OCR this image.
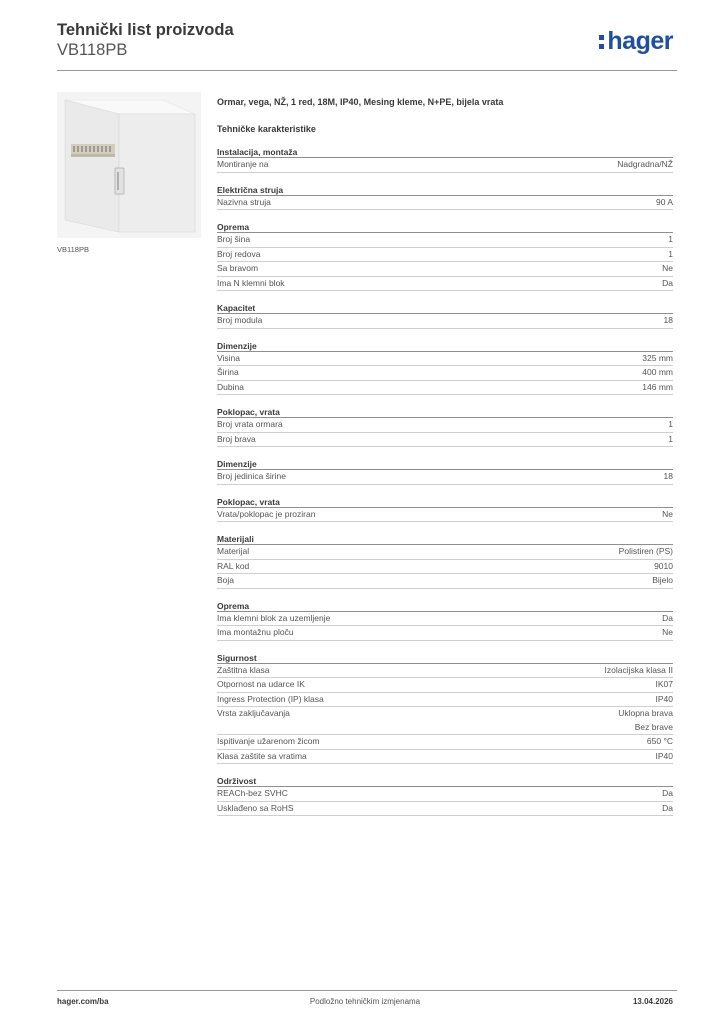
Tehnički list proizvoda
VB118PB	hager
VB118PB
Ormar, vega, NŽ, 1 red, 18M, IP40, Mesing kleme, N+PE, bijela vrata
Tehničke karakteristike
Instalacija, montaža
Montiranje na	Nadgradna/NŽ
Električna struja
Nazivna struja	90 A
Oprema
Broj šina	1
Broj redova	1
Sa bravom	Ne
Ima N klemni blok	Da
Kapacitet
Broj modula	18
Dimenzije
Visina	325 mm
Širina	400 mm
Dubina	146 mm
Poklopac, vrata
Broj vrata ormara	1
Broj brava	1
Dimenzije
Broj jedinica širine	18
Poklopac, vrata
Vrata/poklopac je proziran	Ne
Materijali
Materijal	Polistiren (PS)
RAL kod	9010
Boja	Bijelo
Oprema
Ima klemni blok za uzemljenje	Da
Ima montažnu ploču	Ne
Sigurnost
Zaštitna klasa	Izolacijska klasa II
Otpornost na udarce IK	IK07
Ingress Protection (IP) klasa	IP40
Vrsta zaključavanja	Uklopna brava
Bez brave
Ispitivanje užarenom žicom	650 °C
Klasa zaštite sa vratima	IP40
Održivost
REACh-bez SVHC	Da
Usklađeno sa RoHS	Da
hager.com/ba	Podložno tehničkim izmjenama	13.04.2026
